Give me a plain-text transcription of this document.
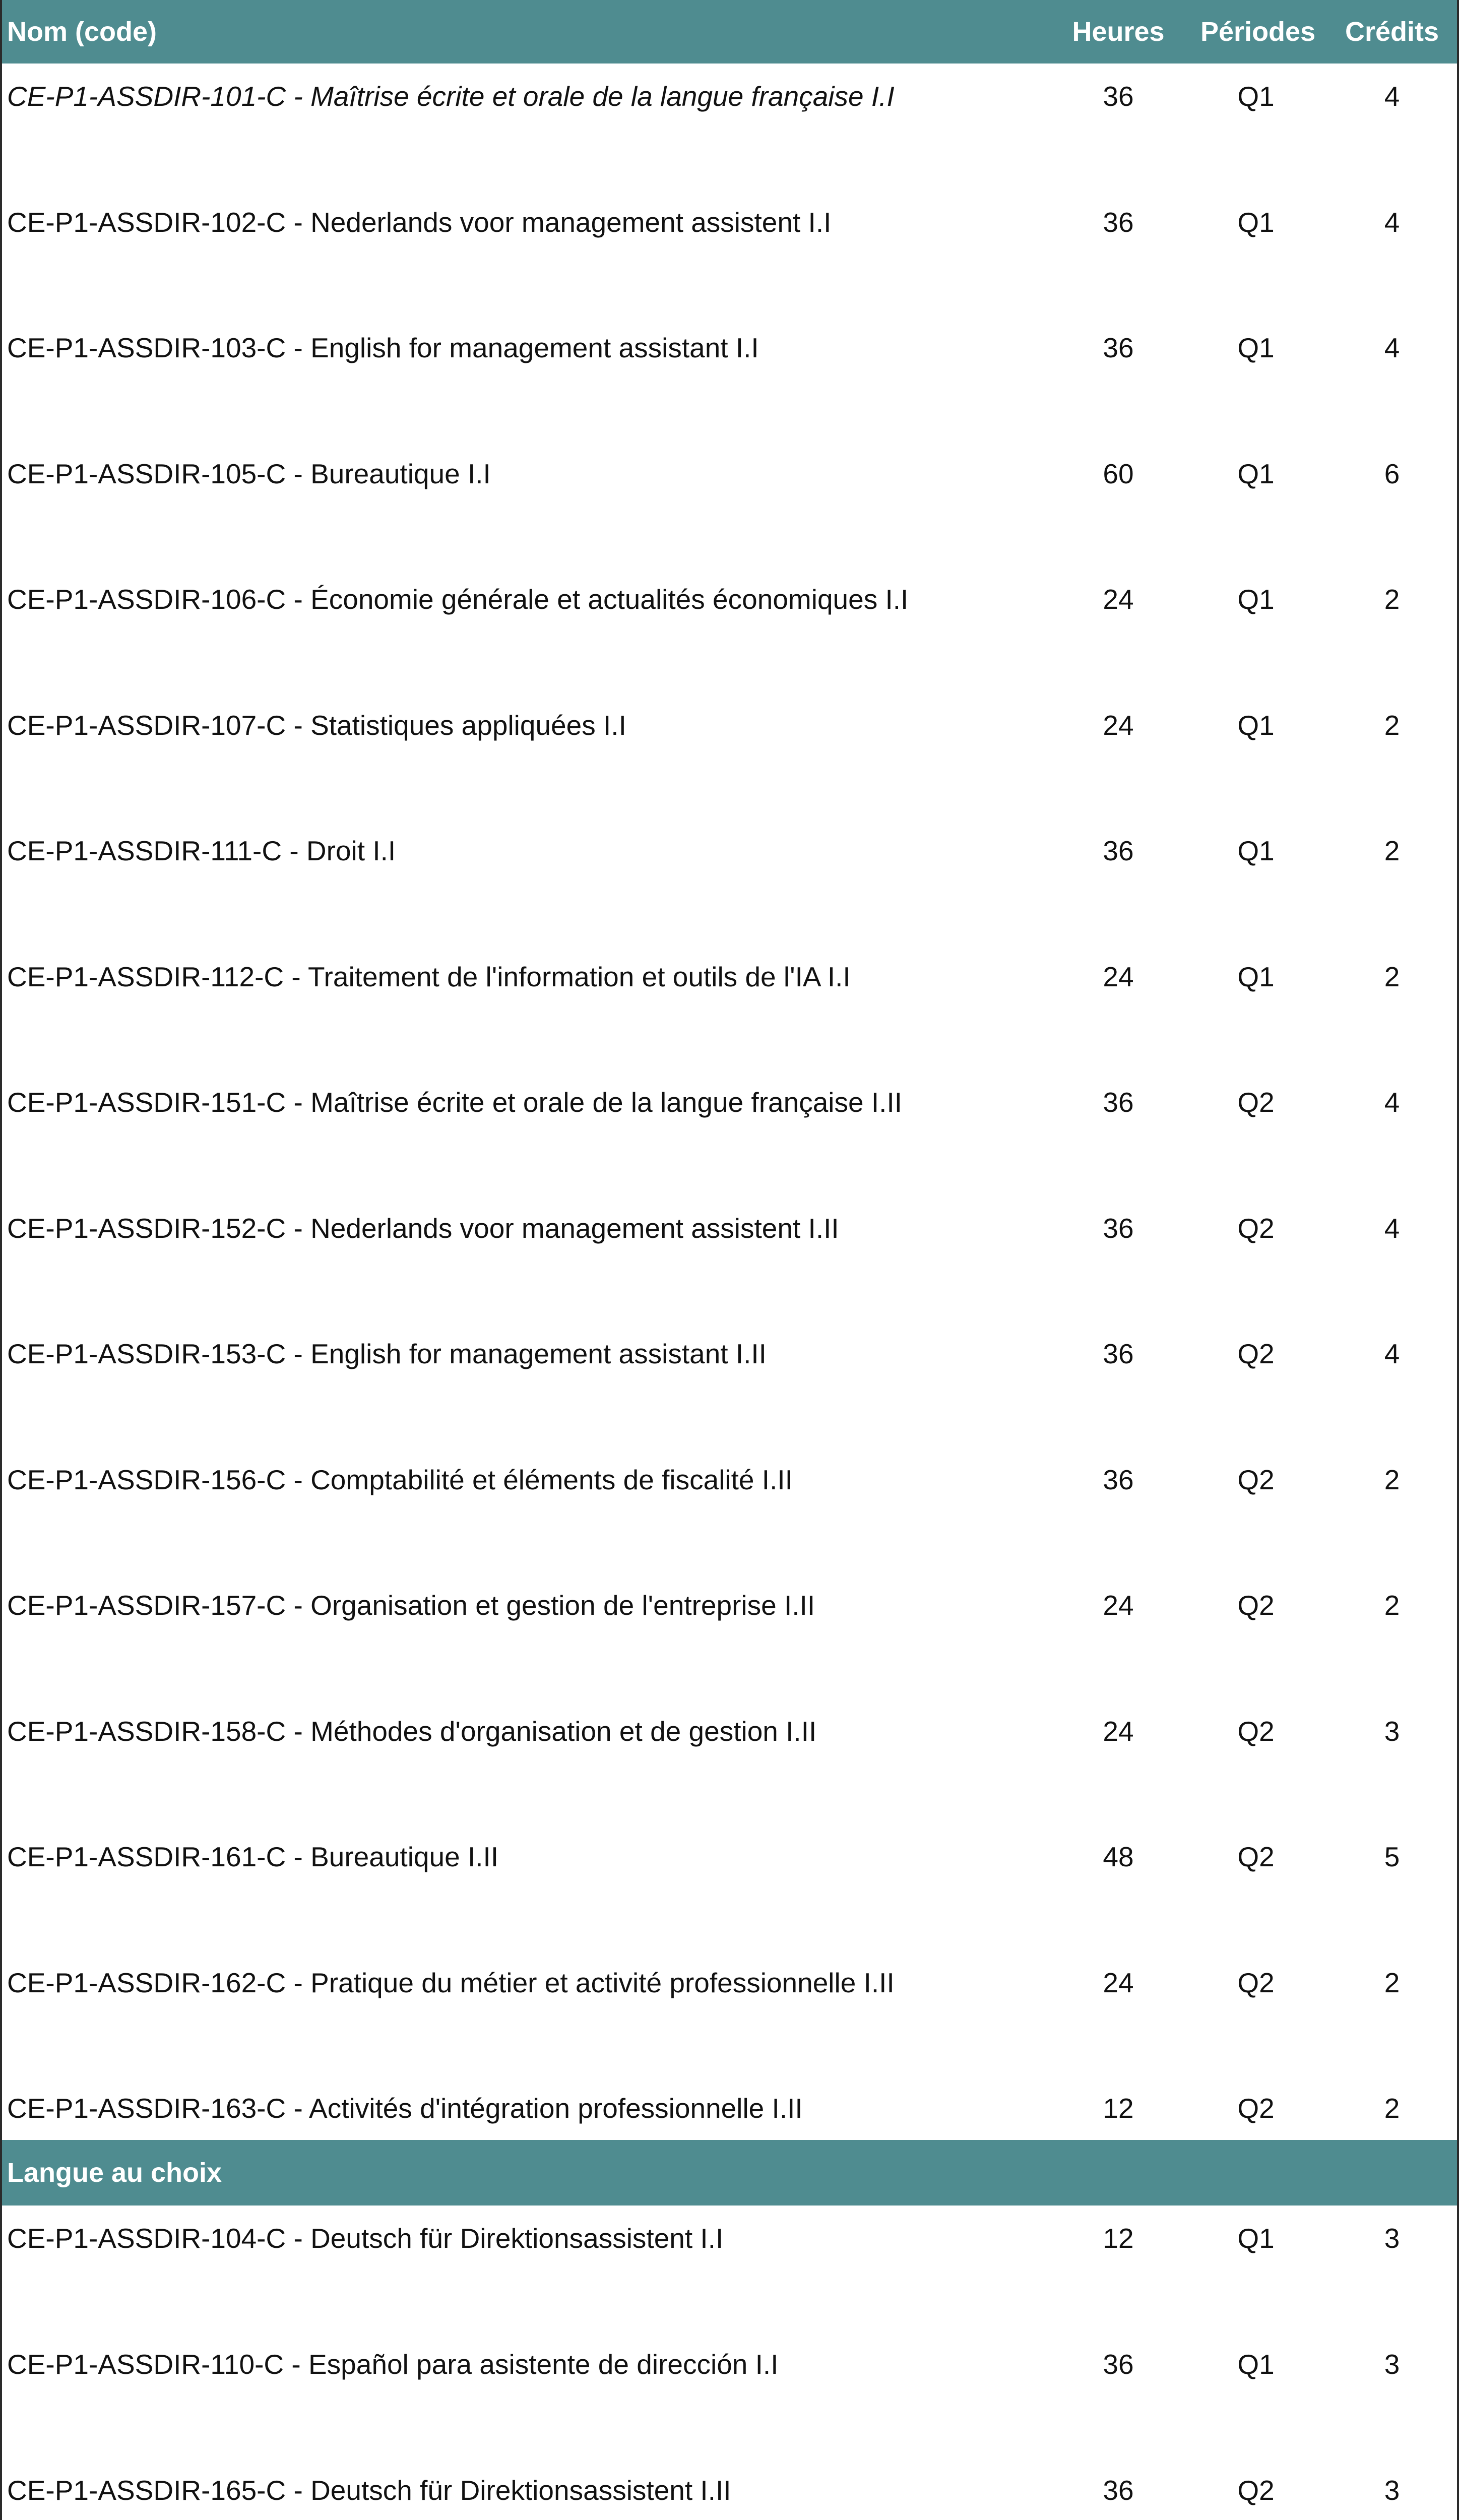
Nom (code)	Heures	Périodes	Crédits
CE-P1-ASSDIR-101-C - Maîtrise écrite et orale de la langue française I.I	36	Q1	4
CE-P1-ASSDIR-102-C - Nederlands voor management assistent I.I	36	Q1	4
CE-P1-ASSDIR-103-C - English for management assistant I.I	36	Q1	4
CE-P1-ASSDIR-105-C - Bureautique I.I	60	Q1	6
CE-P1-ASSDIR-106-C - Économie générale et actualités économiques I.I	24	Q1	2
CE-P1-ASSDIR-107-C - Statistiques appliquées I.I	24	Q1	2
CE-P1-ASSDIR-111-C - Droit I.I	36	Q1	2
CE-P1-ASSDIR-112-C - Traitement de l'information et outils de l'IA I.I	24	Q1	2
CE-P1-ASSDIR-151-C - Maîtrise écrite et orale de la langue française I.II	36	Q2	4
CE-P1-ASSDIR-152-C - Nederlands voor management assistent I.II	36	Q2	4
CE-P1-ASSDIR-153-C - English for management assistant I.II	36	Q2	4
CE-P1-ASSDIR-156-C - Comptabilité et éléments de fiscalité I.II	36	Q2	2
CE-P1-ASSDIR-157-C - Organisation et gestion de l'entreprise I.II	24	Q2	2
CE-P1-ASSDIR-158-C - Méthodes d'organisation et de gestion I.II	24	Q2	3
CE-P1-ASSDIR-161-C - Bureautique I.II	48	Q2	5
CE-P1-ASSDIR-162-C - Pratique du métier et activité professionnelle I.II	24	Q2	2
CE-P1-ASSDIR-163-C - Activités d'intégration professionnelle I.II	12	Q2	2
Langue au choix
CE-P1-ASSDIR-104-C - Deutsch für Direktionsassistent I.I	12	Q1	3
CE-P1-ASSDIR-110-C - Español para asistente de dirección I.I	36	Q1	3
CE-P1-ASSDIR-165-C - Deutsch für Direktionsassistent I.II	36	Q2	3
